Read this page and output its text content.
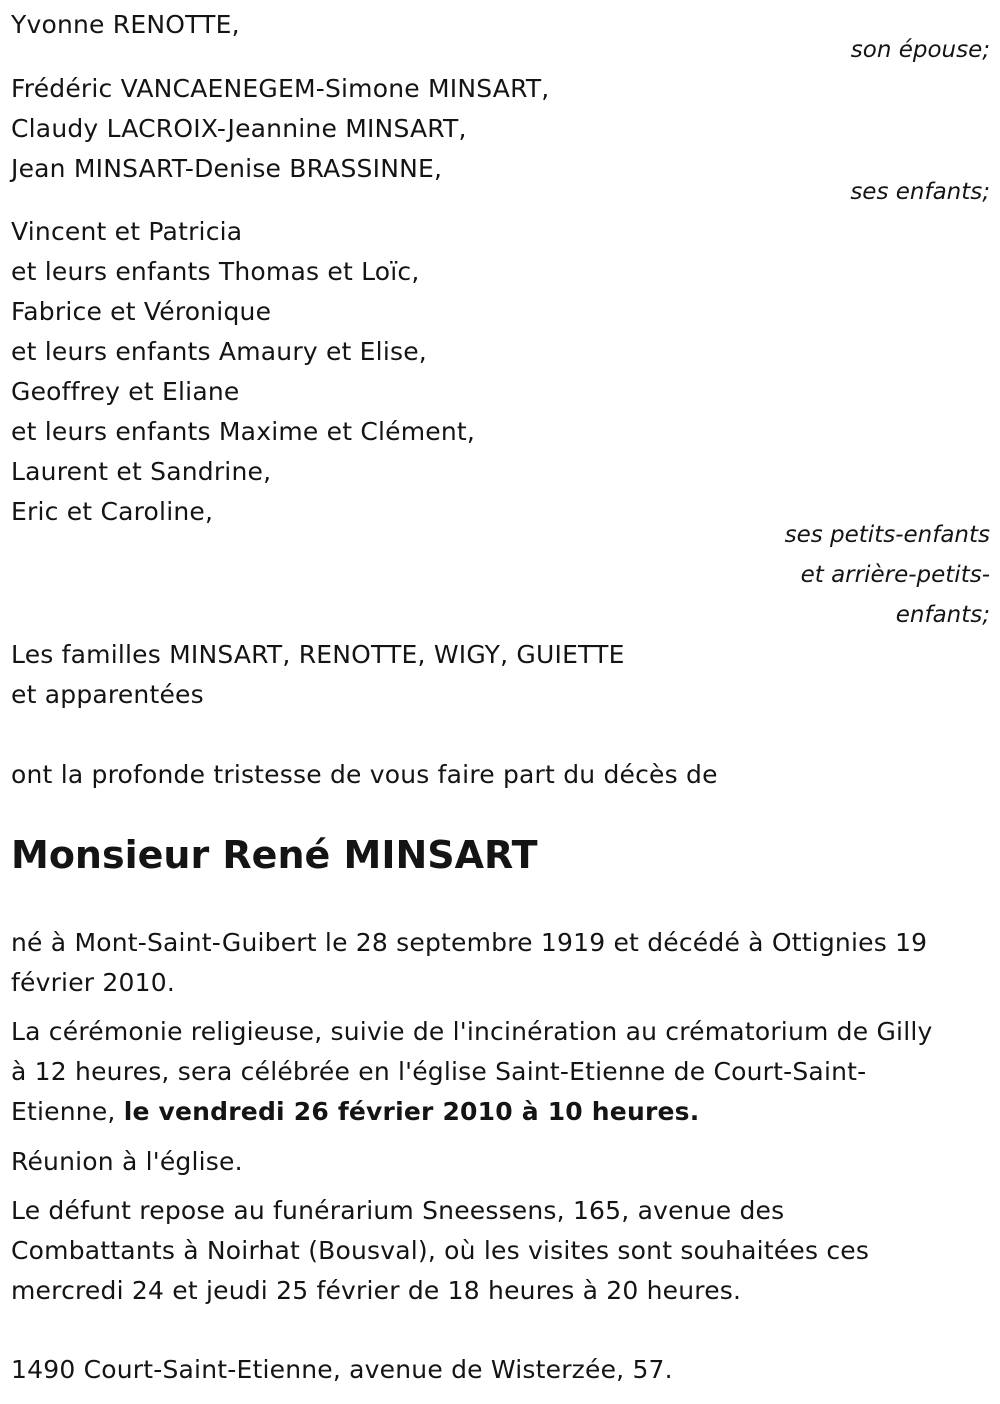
Yvonne RENOTTE,

son épouse;

Frédéric VANCAENEGEM-Simone MINSART,

Claudy LACROIX-Jeannine MINSART,

Jean MINSART-Denise BRASSINNE,

ses enfants;

Vincent et Patricia

et leurs enfants Thomas et Loïc,

Fabrice et Véronique

et leurs enfants Amaury et Elise,

Geoffrey et Eliane

et leurs enfants Maxime et Clément,

Laurent et Sandrine,

Eric et Caroline,

ses petits-enfants

et arrière-petits-

enfants;

Les familles MINSART, RENOTTE, WIGY, GUIETTE

et apparentées

ont la profonde tristesse de vous faire part du décès de

Monsieur René MINSART

né à Mont-Saint-Guibert le 28 septembre 1919 et décédé à Ottignies 19

février 2010.

La cérémonie religieuse, suivie de l'incinération au crématorium de Gilly

à 12 heures, sera célébrée en l'église Saint-Etienne de Court-Saint-

Etienne, le vendredi 26 février 2010 à 10 heures.

Réunion à l'église.

Le défunt repose au funérarium Sneessens, 165, avenue des

Combattants à Noirhat (Bousval), où les visites sont souhaitées ces

mercredi 24 et jeudi 25 février de 18 heures à 20 heures.

1490 Court-Saint-Etienne, avenue de Wisterzée, 57.
